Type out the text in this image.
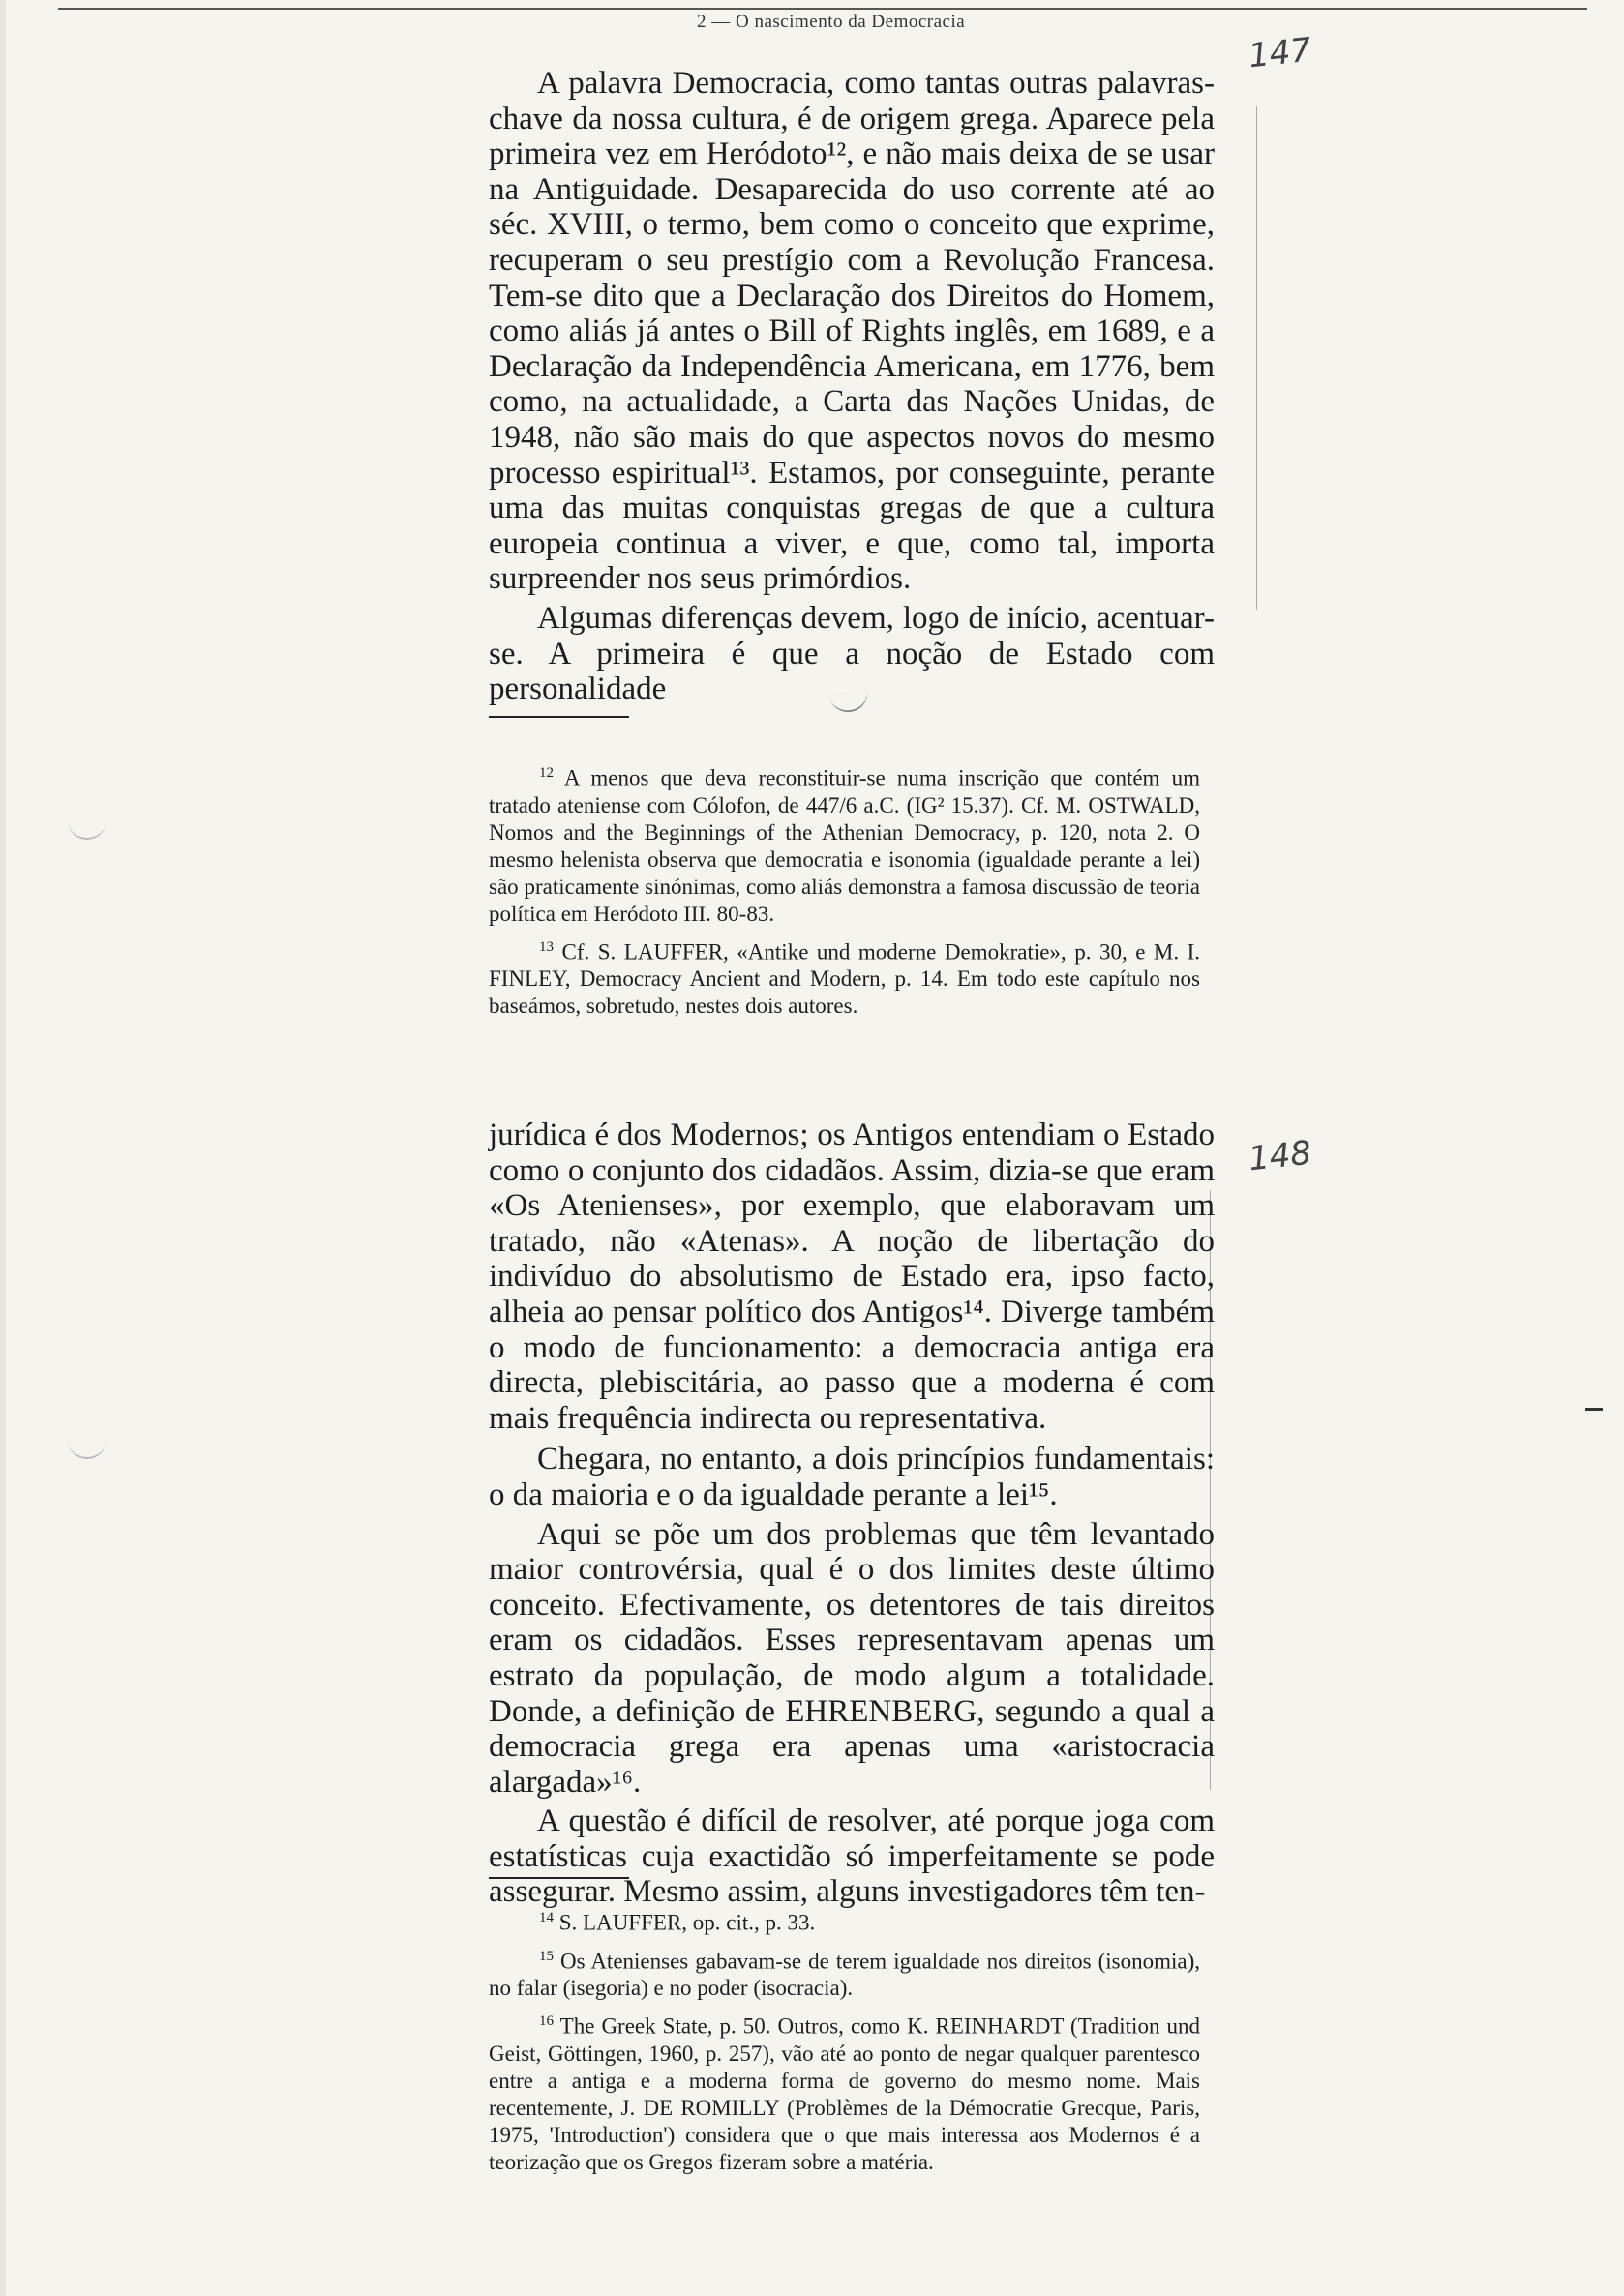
2 — O nascimento da Democracia
147
148

A palavra Democracia, como tantas outras palavras-chave da nossa cultura, é de origem grega. Aparece pela primeira vez em Heródoto¹², e não mais deixa de se usar na Antiguidade. Desaparecida do uso corrente até ao séc. XVIII, o termo, bem como o conceito que exprime, recuperam o seu prestígio com a Revolução Francesa. Tem-se dito que a Declaração dos Direitos do Homem, como aliás já antes o Bill of Rights inglês, em 1689, e a Declaração da Independência Americana, em 1776, bem como, na actualidade, a Carta das Nações Unidas, de 1948, não são mais do que aspectos novos do mesmo processo espiritual¹³. Estamos, por conseguinte, perante uma das muitas conquistas gregas de que a cultura europeia continua a viver, e que, como tal, importa surpreender nos seus primórdios.

Algumas diferenças devem, logo de início, acentuar-se. A primeira é que a noção de Estado com personalidade

$^{12}$ A menos que deva reconstituir-se numa inscrição que contém um tratado ateniense com Cólofon, de 447/6 a.C. (IG² 15.37). Cf. M. OSTWALD, Nomos and the Beginnings of the Athenian Democracy, p. 120, nota 2. O mesmo helenista observa que democratia e isonomia (igualdade perante a lei) são praticamente sinónimas, como aliás demonstra a famosa discussão de teoria política em Heródoto III. 80-83.

$^{13}$ Cf. S. LAUFFER, «Antike und moderne Demokratie», p. 30, e M. I. FINLEY, Democracy Ancient and Modern, p. 14. Em todo este capítulo nos baseámos, sobretudo, nestes dois autores.

jurídica é dos Modernos; os Antigos entendiam o Estado como o conjunto dos cidadãos. Assim, dizia-se que eram «Os Atenienses», por exemplo, que elaboravam um tratado, não «Atenas». A noção de libertação do indivíduo do absolutismo de Estado era, ipso facto, alheia ao pensar político dos Antigos¹⁴. Diverge também o modo de funcionamento: a democracia antiga era directa, plebiscitária, ao passo que a moderna é com mais frequência indirecta ou representativa.

Chegara, no entanto, a dois princípios fundamentais: o da maioria e o da igualdade perante a lei¹⁵.

Aqui se põe um dos problemas que têm levantado maior controvérsia, qual é o dos limites deste último conceito. Efectivamente, os detentores de tais direitos eram os cidadãos. Esses representavam apenas um estrato da população, de modo algum a totalidade. Donde, a definição de EHRENBERG, segundo a qual a democracia grega era apenas uma «aristocracia alargada»¹⁶.

A questão é difícil de resolver, até porque joga com estatísticas cuja exactidão só imperfeitamente se pode assegurar. Mesmo assim, alguns investigadores têm ten-

$^{14}$ S. LAUFFER, op. cit., p. 33.

$^{15}$ Os Atenienses gabavam-se de terem igualdade nos direitos (isonomia), no falar (isegoria) e no poder (isocracia).

$^{16}$ The Greek State, p. 50. Outros, como K. REINHARDT (Tradition und Geist, Göttingen, 1960, p. 257), vão até ao ponto de negar qualquer parentesco entre a antiga e a moderna forma de governo do mesmo nome. Mais recentemente, J. DE ROMILLY (Problèmes de la Démocratie Grecque, Paris, 1975, 'Introduction') considera que o que mais interessa aos Modernos é a teorização que os Gregos fizeram sobre a matéria.
